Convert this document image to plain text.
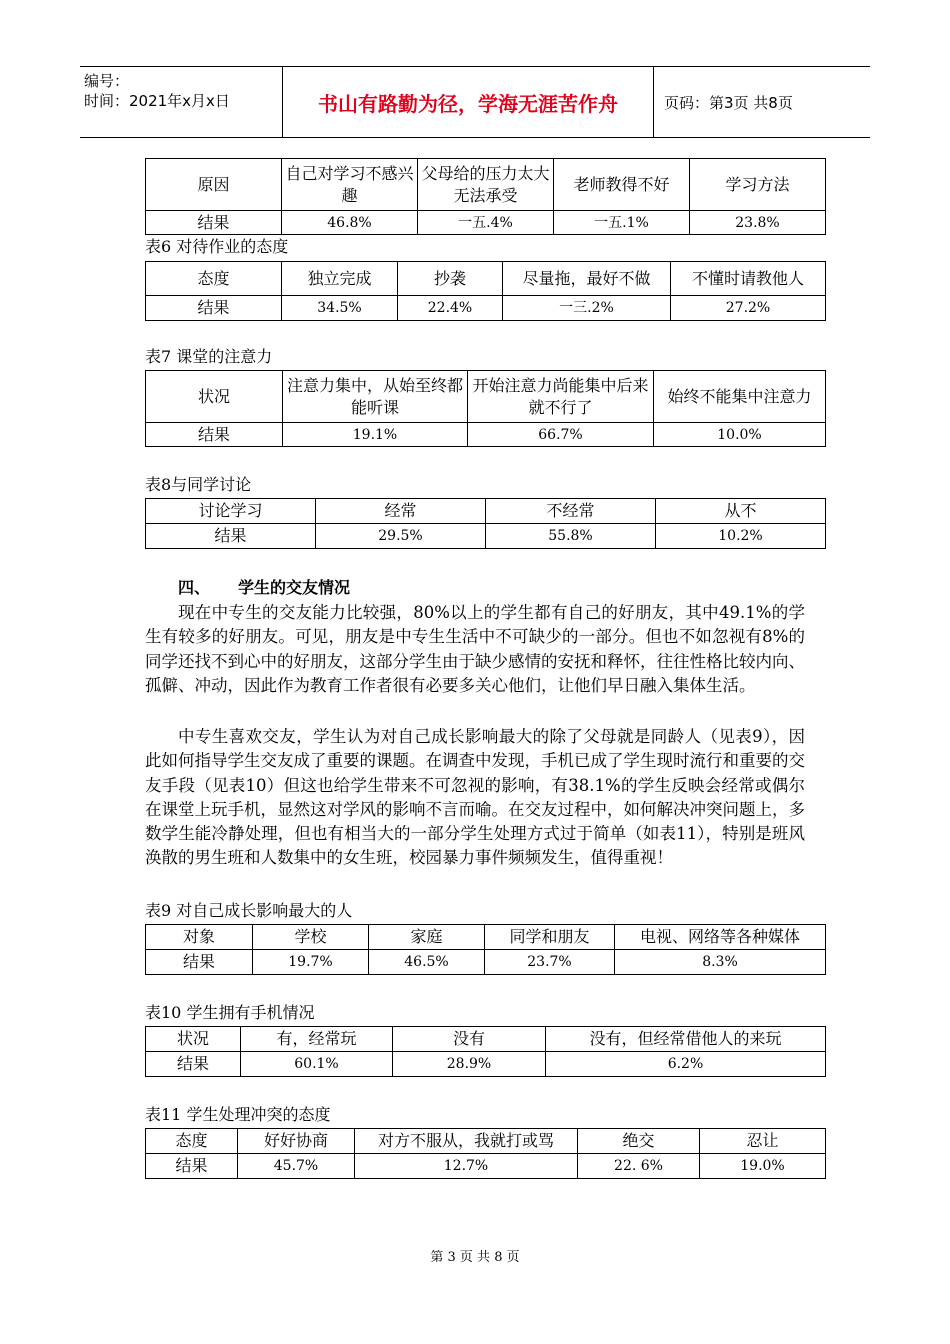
编号：
时间：2021年x月x日	书山有路勤为径，学海无涯苦作舟	页码：第3页 共8页
原因	自己对学习不感兴趣	父母给的压力太大无法承受	老师教得不好	学习方法
结果	46.8%	一五.4%	一五.1%	23.8%
表6 对待作业的态度
态度	独立完成	抄袭	尽量拖，最好不做	不懂时请教他人
结果	34.5%	22.4%	一三.2%	27.2%
表7 课堂的注意力
状况	注意力集中，从始至终都能听课	开始注意力尚能集中后来就不行了	始终不能集中注意力
结果	19.1%	66.7%	10.0%
表8与同学讨论
讨论学习	经常	不经常	从不
结果	29.5%	55.8%	10.2%
四、 学生的交友情况
现在中专生的交友能力比较强，80%以上的学生都有自己的好朋友，其中49.1%的学生有较多的好朋友。可见，朋友是中专生生活中不可缺少的一部分。但也不如忽视有8%的同学还找不到心中的好朋友，这部分学生由于缺少感情的安抚和释怀，往往性格比较内向、孤僻、冲动，因此作为教育工作者很有必要多关心他们，让他们早日融入集体生活。
中专生喜欢交友，学生认为对自己成长影响最大的除了父母就是同龄人（见表9），因此如何指导学生交友成了重要的课题。在调查中发现，手机已成了学生现时流行和重要的交友手段（见表10）但这也给学生带来不可忽视的影响，有38.1%的学生反映会经常或偶尔在课堂上玩手机，显然这对学风的影响不言而喻。在交友过程中，如何解决冲突问题上，多数学生能冷静处理，但也有相当大的一部分学生处理方式过于简单（如表11），特别是班风涣散的男生班和人数集中的女生班，校园暴力事件频频发生，值得重视！
表9 对自己成长影响最大的人
对象	学校	家庭	同学和朋友	电视、网络等各种媒体
结果	19.7%	46.5%	23.7%	8.3%
表10 学生拥有手机情况
状况	有，经常玩	没有	没有，但经常借他人的来玩
结果	60.1%	28.9%	6.2%
表11 学生处理冲突的态度
态度	好好协商	对方不服从，我就打或骂	绝交	忍让
结果	45.7%	12.7%	22. 6%	19.0%
第 3 页 共 8 页
